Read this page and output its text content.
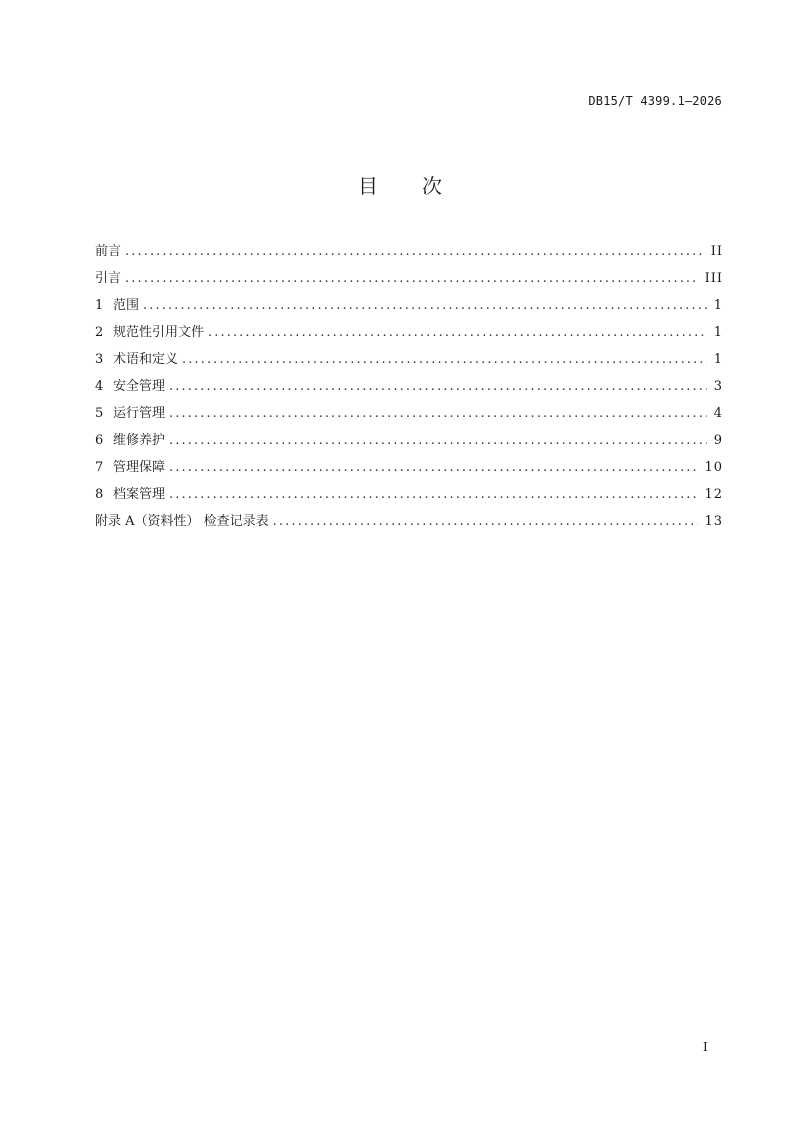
DB15/T 4399.1—2026
目次
前言 .....	II
引言 .....	III
1 范围 .....	1
2 规范性引用文件 .....	1
3 术语和定义 .....	1
4 安全管理 .....	3
5 运行管理 .....	4
6 维修养护 .....	9
7 管理保障 .....	10
8 档案管理 .....	12
附录 A（资料性） 检查记录表 .....	13
I
